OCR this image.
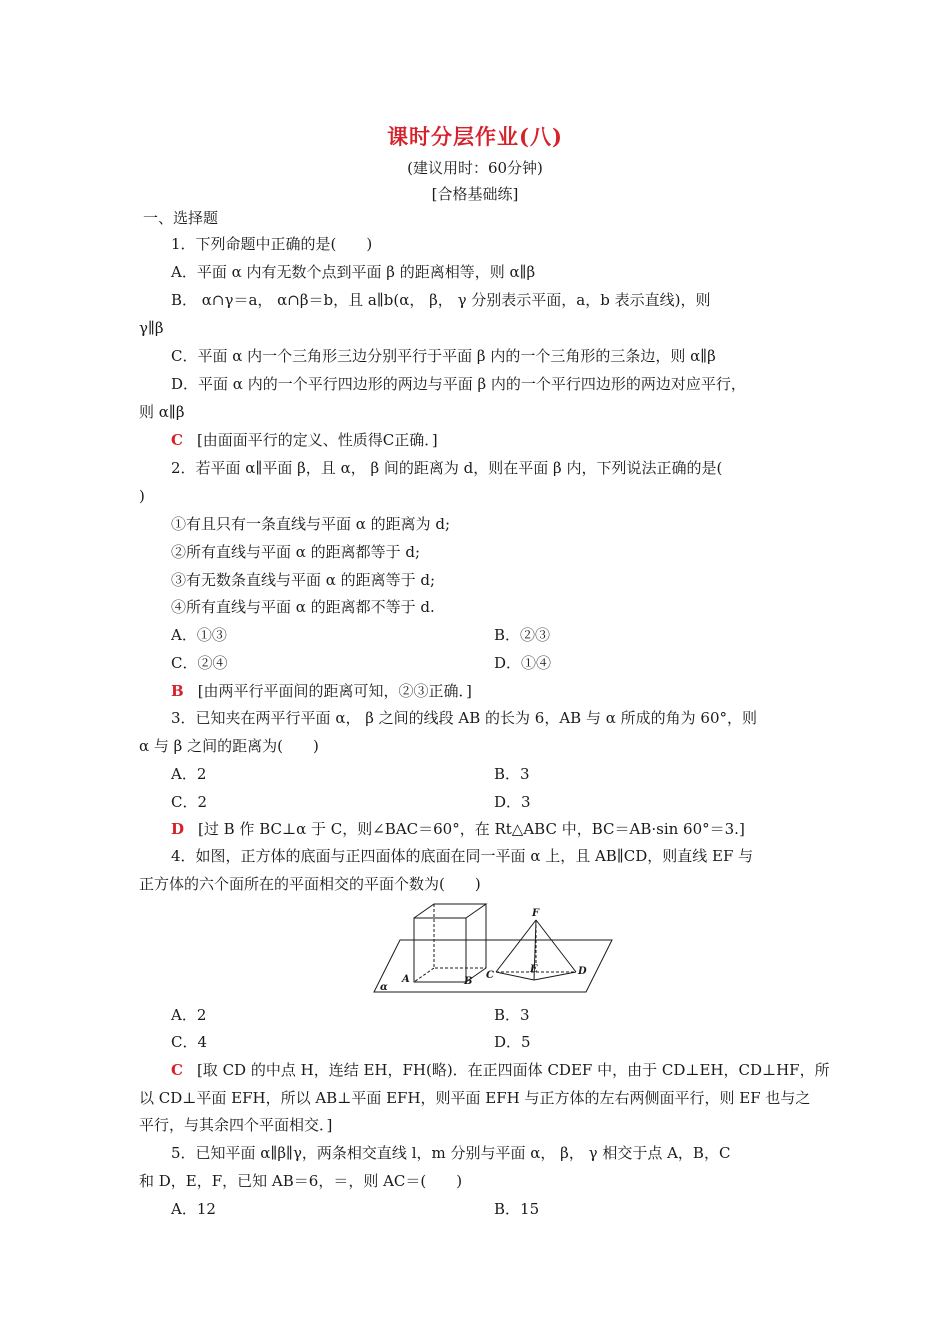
课时分层作业(八)
(建议用时：60分钟)
[合格基础练]
一、选择题
1．下列命题中正确的是(　　)
A．平面 α 内有无数个点到平面 β 的距离相等，则 α∥β
B． α∩γ＝a， α∩β＝b，且 a∥b(α， β， γ 分别表示平面，a，b 表示直线)，则
γ∥β
C．平面 α 内一个三角形三边分别平行于平面 β 内的一个三角形的三条边，则 α∥β
D．平面 α 内的一个平行四边形的两边与平面 β 内的一个平行四边形的两边对应平行，
则 α∥β
C [由面面平行的定义、性质得C正确．]
2．若平面 α∥平面 β，且 α， β 间的距离为 d，则在平面 β 内，下列说法正确的是(
)
①有且只有一条直线与平面 α 的距离为 d;
②所有直线与平面 α 的距离都等于 d;
③有无数条直线与平面 α 的距离等于 d;
④所有直线与平面 α 的距离都不等于 d.
A．①③	B．②③
C．②④	D．①④
B [由两平行平面间的距离可知，②③正确．]
3．已知夹在两平行平面 α， β 之间的线段 AB 的长为 6，AB 与 α 所成的角为 60°，则
α 与 β 之间的距离为(　　)
A．2	B．3
C．2	D．3
D [过 B 作 BC⊥α 于 C，则∠BAC＝60°，在 Rt△ABC 中，BC＝AB·sin 60°＝3.]
4．如图，正方体的底面与正四面体的底面在同一平面 α 上，且 AB∥CD，则直线 EF 与
正方体的六个面所在的平面相交的平面个数为(　　)
α
A	B
C	D
E
F
A．2	B．3
C．4	D．5
C [取 CD 的中点 H，连结 EH，FH(略)．在正四面体 CDEF 中，由于 CD⊥EH，CD⊥HF，所
以 CD⊥平面 EFH，所以 AB⊥平面 EFH，则平面 EFH 与正方体的左右两侧面平行，则 EF 也与之
平行，与其余四个平面相交．]
5．已知平面 α∥β∥γ，两条相交直线 l，m 分别与平面 α， β， γ 相交于点 A，B，C
和 D，E，F，已知 AB＝6，＝，则 AC＝(　　)
A．12	B．15
